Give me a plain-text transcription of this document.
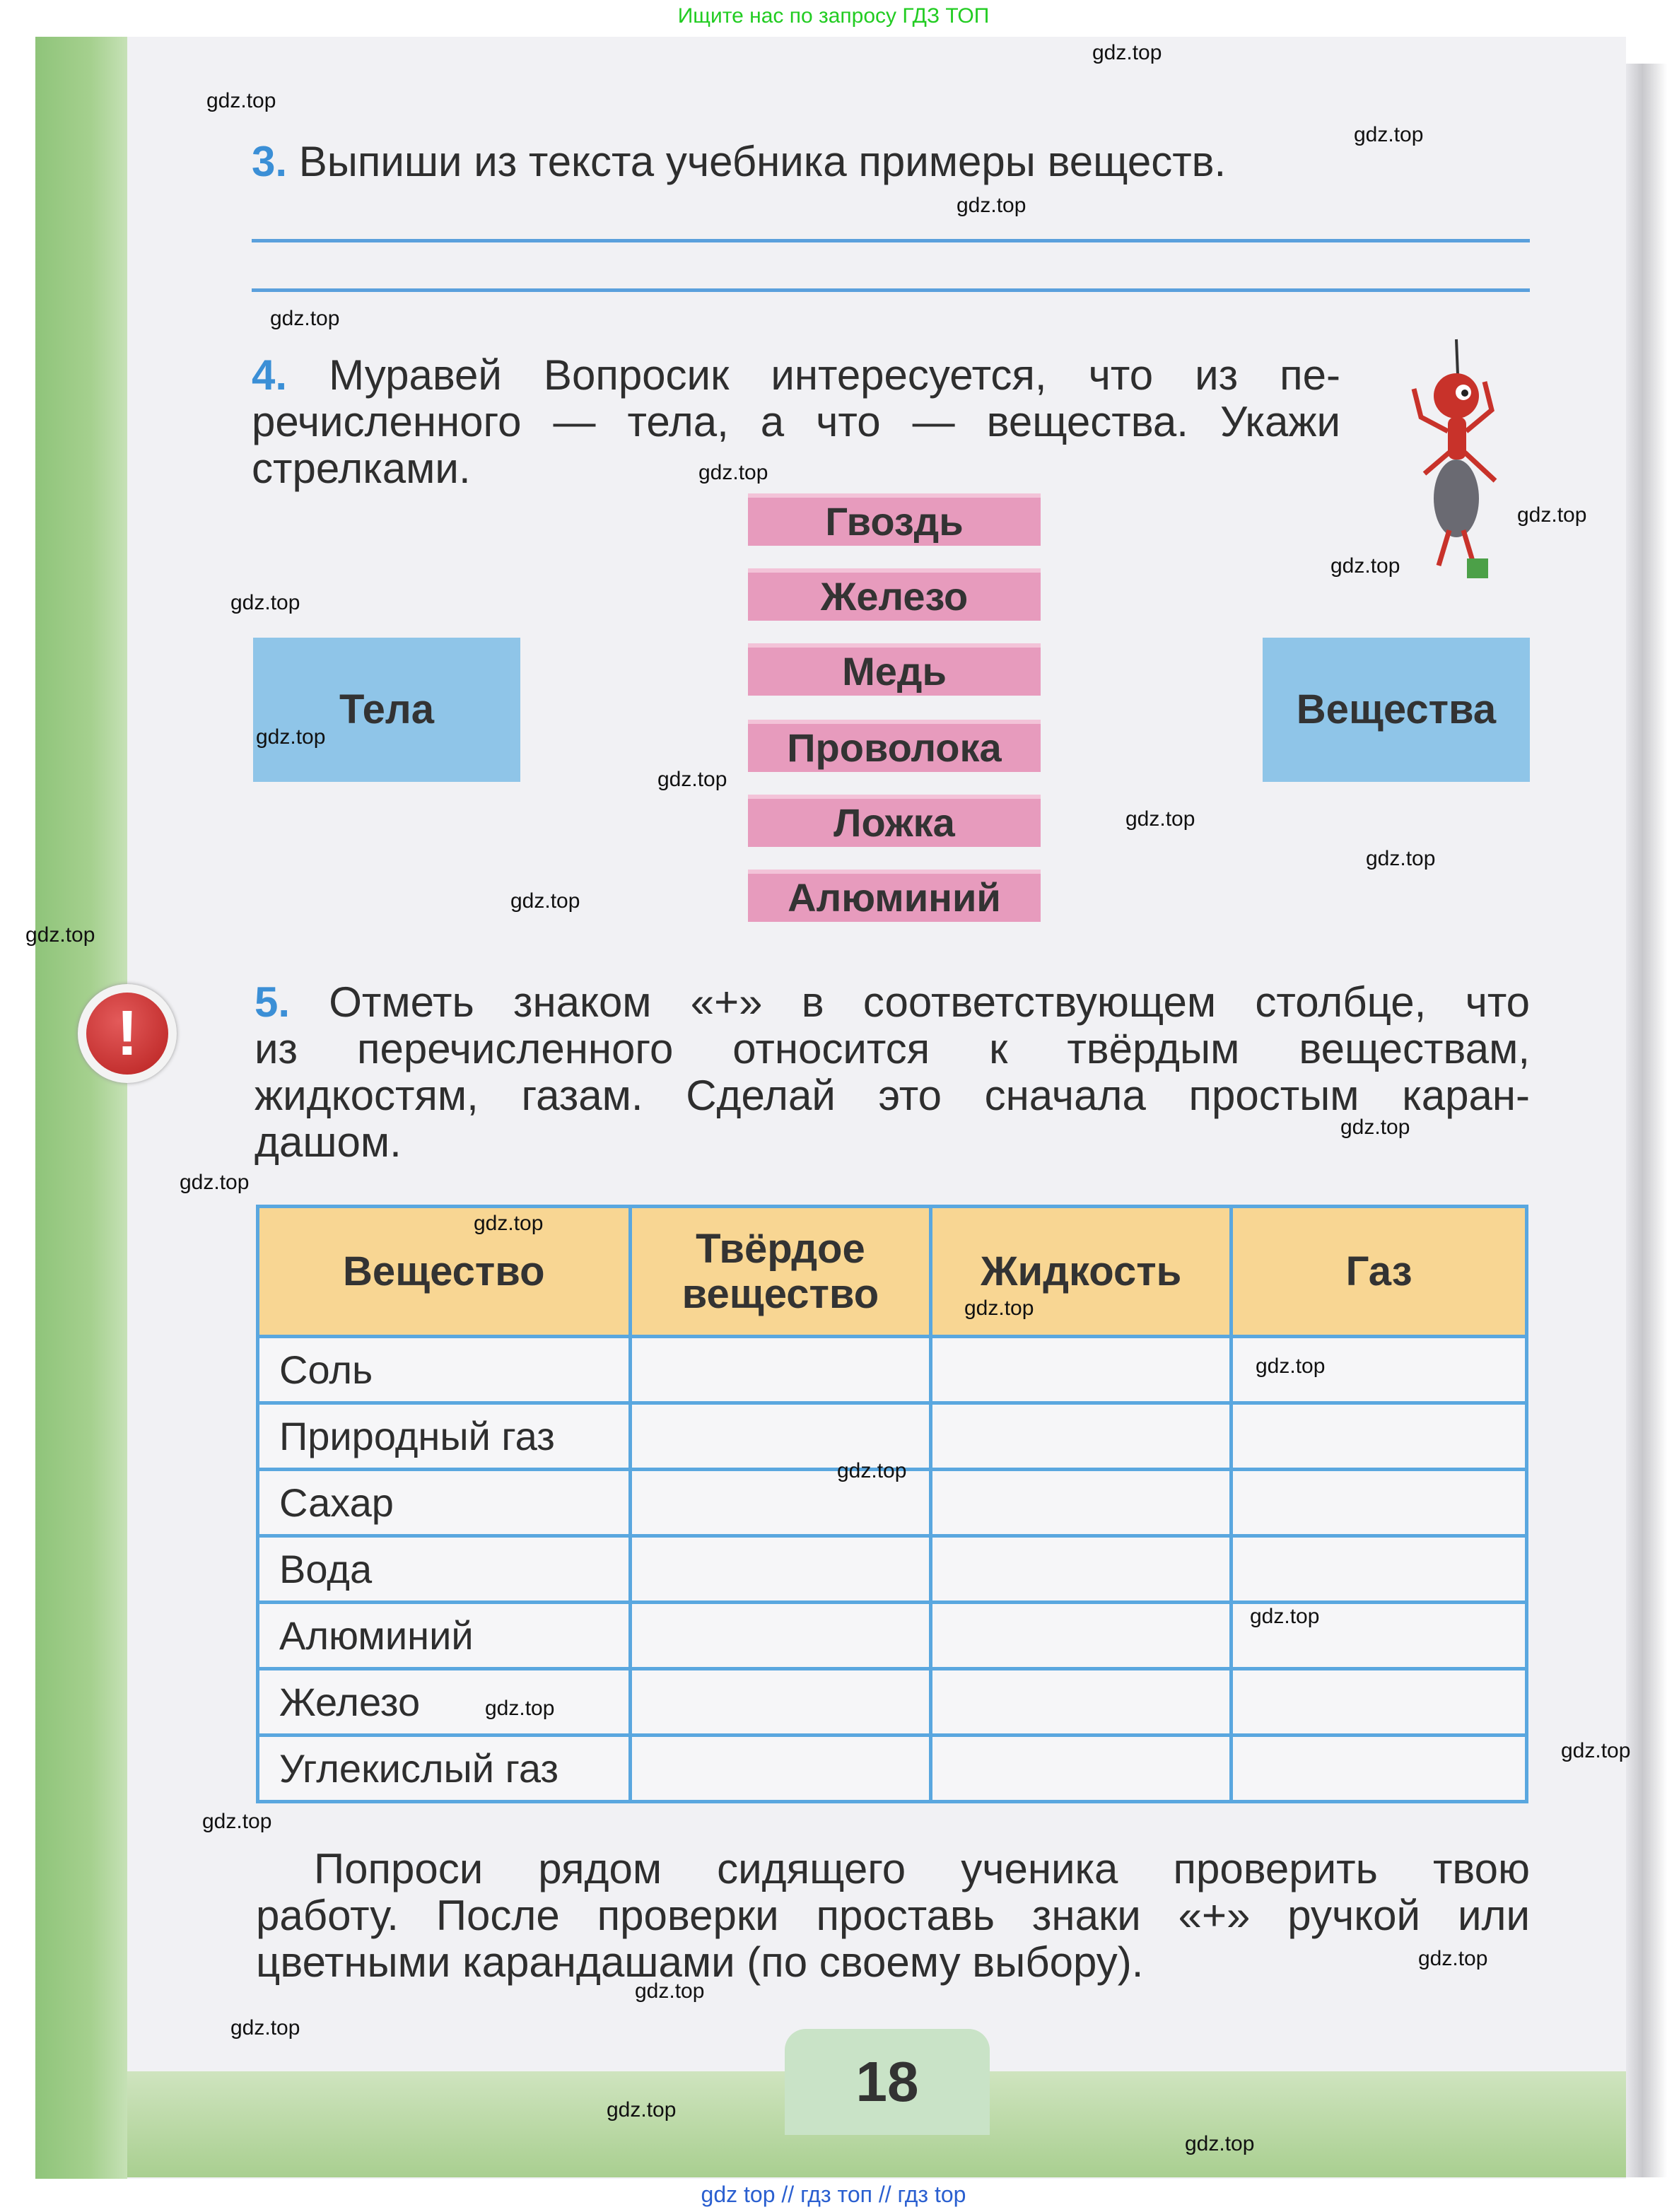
Ищите нас по запросу ГДЗ ТОП
3. Выпиши из текста учебника примеры веществ.
4. Муравей Вопросик интересуется, что из пе-
речисленного — тела, а что — вещества. Укажи
стрелками.
Гвоздь
Железо
Медь
Проволока
Ложка
Алюминий
Тела	Вещества
!	5. Отметь знаком «+» в соответствующем столбце, что
из перечисленного относится к твёрдым веществам,
жидкостям, газам. Сделай это сначала простым каран-
дашом.
Вещество	Твёрдое вещество	Жидкость	Газ
Соль			
Природный газ			
Сахар			
Вода			
Алюминий			
Железо			
Углекислый газ			
Попроси рядом сидящего ученика проверить твою
работу. После проверки проставь знаки «+» ручкой или
цветными карандашами (по своему выбору).
18
gdz.top
gdz.top
gdz.top
gdz.top
gdz.top
gdz.top
gdz.top
gdz.top
gdz.top
gdz.top
gdz.top
gdz.top
gdz.top
gdz.top
gdz.top
gdz.top
gdz.top
gdz.top
gdz.top
gdz.top
gdz.top
gdz.top
gdz.top
gdz.top
gdz.top
gdz.top
gdz.top
gdz.top
gdz.top
gdz.top
gdz top // гдз топ // гдз top
